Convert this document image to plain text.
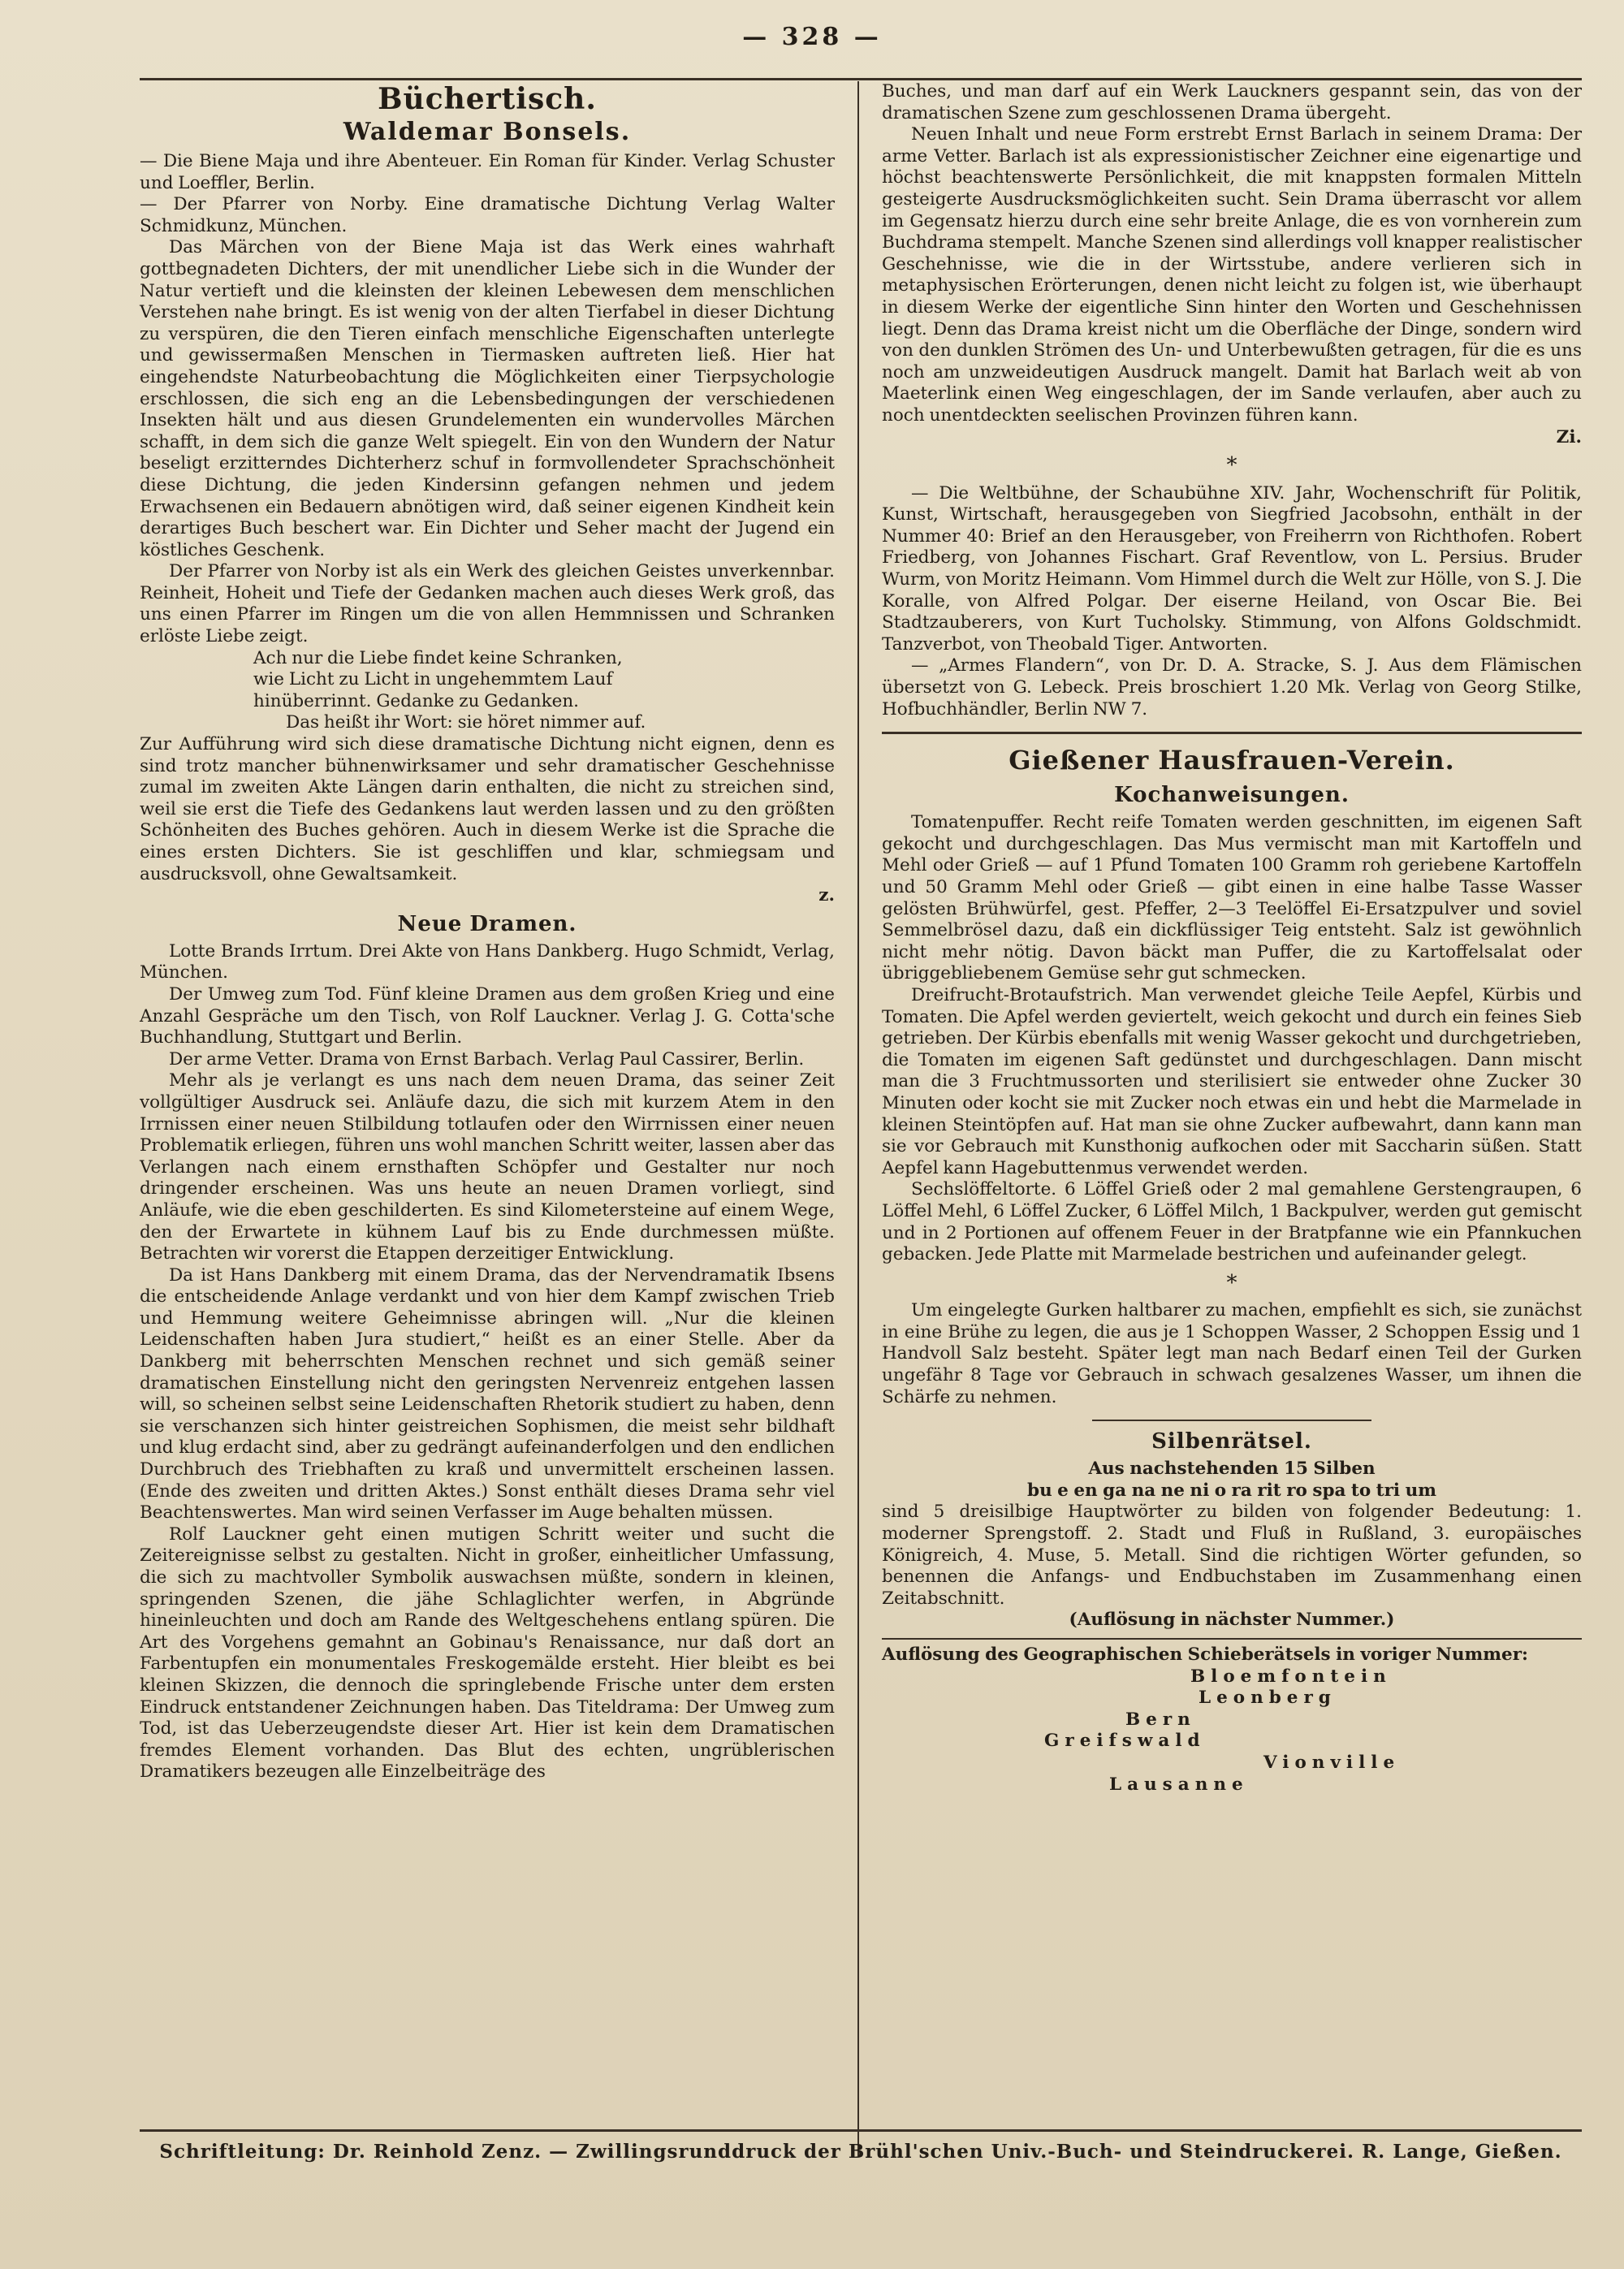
— 328 —
Büchertisch.
Waldemar Bonsels.

— Die Biene Maja und ihre Abenteuer. Ein Roman für Kinder. Verlag Schuster und Loeffler, Berlin.

— Der Pfarrer von Norby. Eine dramatische Dichtung Verlag Walter Schmidkunz, München.

Das Märchen von der Biene Maja ist das Werk eines wahrhaft gottbegnadeten Dichters, der mit unendlicher Liebe sich in die Wunder der Natur vertieft und die kleinsten der kleinen Lebewesen dem menschlichen Verstehen nahe bringt. Es ist wenig von der alten Tierfabel in dieser Dichtung zu verspüren, die den Tieren einfach menschliche Eigenschaften unterlegte und gewissermaßen Menschen in Tiermasken auftreten ließ. Hier hat eingehendste Naturbeobachtung die Möglichkeiten einer Tierpsychologie erschlossen, die sich eng an die Lebensbedingungen der verschiedenen Insekten hält und aus diesen Grundelementen ein wundervolles Märchen schafft, in dem sich die ganze Welt spiegelt. Ein von den Wundern der Natur beseligt erzitterndes Dichterherz schuf in formvollendeter Sprachschönheit diese Dichtung, die jeden Kindersinn gefangen nehmen und jedem Erwachsenen ein Bedauern abnötigen wird, daß seiner eigenen Kindheit kein derartiges Buch beschert war. Ein Dichter und Seher macht der Jugend ein köstliches Geschenk.

Der Pfarrer von Norby ist als ein Werk des gleichen Geistes unverkennbar. Reinheit, Hoheit und Tiefe der Gedanken machen auch dieses Werk groß, das uns einen Pfarrer im Ringen um die von allen Hemmnissen und Schranken erlöste Liebe zeigt.

Ach nur die Liebe findet keine Schranken,

wie Licht zu Licht in ungehemmtem Lauf

hinüberrinnt. Gedanke zu Gedanken.

Das heißt ihr Wort: sie höret nimmer auf.

Zur Aufführung wird sich diese dramatische Dichtung nicht eignen, denn es sind trotz mancher bühnenwirksamer und sehr dramatischer Geschehnisse zumal im zweiten Akte Längen darin enthalten, die nicht zu streichen sind, weil sie erst die Tiefe des Gedankens laut werden lassen und zu den größten Schönheiten des Buches gehören. Auch in diesem Werke ist die Sprache die eines ersten Dichters. Sie ist geschliffen und klar, schmiegsam und ausdrucksvoll, ohne Gewaltsamkeit.

z.
Neue Dramen.

Lotte Brands Irrtum. Drei Akte von Hans Dankberg. Hugo Schmidt, Verlag, München.

Der Umweg zum Tod. Fünf kleine Dramen aus dem großen Krieg und eine Anzahl Gespräche um den Tisch, von Rolf Lauckner. Verlag J. G. Cotta'sche Buchhandlung, Stuttgart und Berlin.

Der arme Vetter. Drama von Ernst Barbach. Verlag Paul Cassirer, Berlin.

Mehr als je verlangt es uns nach dem neuen Drama, das seiner Zeit vollgültiger Ausdruck sei. Anläufe dazu, die sich mit kurzem Atem in den Irrnissen einer neuen Stilbildung totlaufen oder den Wirrnissen einer neuen Problematik erliegen, führen uns wohl manchen Schritt weiter, lassen aber das Verlangen nach einem ernsthaften Schöpfer und Gestalter nur noch dringender erscheinen. Was uns heute an neuen Dramen vorliegt, sind Anläufe, wie die eben geschilderten. Es sind Kilometersteine auf einem Wege, den der Erwartete in kühnem Lauf bis zu Ende durchmessen müßte. Betrachten wir vorerst die Etappen derzeitiger Entwicklung.

Da ist Hans Dankberg mit einem Drama, das der Nervendramatik Ibsens die entscheidende Anlage verdankt und von hier dem Kampf zwischen Trieb und Hemmung weitere Geheimnisse abringen will. „Nur die kleinen Leidenschaften haben Jura studiert,“ heißt es an einer Stelle. Aber da Dankberg mit beherrschten Menschen rechnet und sich gemäß seiner dramatischen Einstellung nicht den geringsten Nervenreiz entgehen lassen will, so scheinen selbst seine Leidenschaften Rhetorik studiert zu haben, denn sie verschanzen sich hinter geistreichen Sophismen, die meist sehr bildhaft und klug erdacht sind, aber zu gedrängt aufeinanderfolgen und den endlichen Durchbruch des Triebhaften zu kraß und unvermittelt erscheinen lassen. (Ende des zweiten und dritten Aktes.) Sonst enthält dieses Drama sehr viel Beachtenswertes. Man wird seinen Verfasser im Auge behalten müssen.

Rolf Lauckner geht einen mutigen Schritt weiter und sucht die Zeitereignisse selbst zu gestalten. Nicht in großer, einheitlicher Umfassung, die sich zu machtvoller Symbolik auswachsen müßte, sondern in kleinen, springenden Szenen, die jähe Schlaglichter werfen, in Abgründe hineinleuchten und doch am Rande des Weltgeschehens entlang spüren. Die Art des Vorgehens gemahnt an Gobinau's Renaissance, nur daß dort an Farbentupfen ein monumentales Freskogemälde ersteht. Hier bleibt es bei kleinen Skizzen, die dennoch die springlebende Frische unter dem ersten Eindruck entstandener Zeichnungen haben. Das Titeldrama: Der Umweg zum Tod, ist das Ueberzeugendste dieser Art. Hier ist kein dem Dramatischen fremdes Element vorhanden. Das Blut des echten, ungrüblerischen Dramatikers bezeugen alle Einzelbeiträge des

Buches, und man darf auf ein Werk Lauckners gespannt sein, das von der dramatischen Szene zum geschlossenen Drama übergeht.

Neuen Inhalt und neue Form erstrebt Ernst Barlach in seinem Drama: Der arme Vetter. Barlach ist als expressionistischer Zeichner eine eigenartige und höchst beachtenswerte Persönlichkeit, die mit knappsten formalen Mitteln gesteigerte Ausdrucksmöglichkeiten sucht. Sein Drama überrascht vor allem im Gegensatz hierzu durch eine sehr breite Anlage, die es von vornherein zum Buchdrama stempelt. Manche Szenen sind allerdings voll knapper realistischer Geschehnisse, wie die in der Wirtsstube, andere verlieren sich in metaphysischen Erörterungen, denen nicht leicht zu folgen ist, wie überhaupt in diesem Werke der eigentliche Sinn hinter den Worten und Geschehnissen liegt. Denn das Drama kreist nicht um die Oberfläche der Dinge, sondern wird von den dunklen Strömen des Un- und Unterbewußten getragen, für die es uns noch am unzweideutigen Ausdruck mangelt. Damit hat Barlach weit ab von Maeterlink einen Weg eingeschlagen, der im Sande verlaufen, aber auch zu noch unentdeckten seelischen Provinzen führen kann.

Zi.
*

— Die Weltbühne, der Schaubühne XIV. Jahr, Wochenschrift für Politik, Kunst, Wirtschaft, herausgegeben von Siegfried Jacobsohn, enthält in der Nummer 40: Brief an den Herausgeber, von Freiherrn von Richthofen. Robert Friedberg, von Johannes Fischart. Graf Reventlow, von L. Persius. Bruder Wurm, von Moritz Heimann. Vom Himmel durch die Welt zur Hölle, von S. J. Die Koralle, von Alfred Polgar. Der eiserne Heiland, von Oscar Bie. Bei Stadtzauberers, von Kurt Tucholsky. Stimmung, von Alfons Goldschmidt. Tanzverbot, von Theobald Tiger. Antworten.

— „Armes Flandern“, von Dr. D. A. Stracke, S. J. Aus dem Flämischen übersetzt von G. Lebeck. Preis broschiert 1.20 Mk. Verlag von Georg Stilke, Hofbuchhändler, Berlin NW 7.

Gießener Hausfrauen-Verein.
Kochanweisungen.

Tomatenpuffer. Recht reife Tomaten werden geschnitten, im eigenen Saft gekocht und durchgeschlagen. Das Mus vermischt man mit Kartoffeln und Mehl oder Grieß — auf 1 Pfund Tomaten 100 Gramm roh geriebene Kartoffeln und 50 Gramm Mehl oder Grieß — gibt einen in eine halbe Tasse Wasser gelösten Brühwürfel, gest. Pfeffer, 2—3 Teelöffel Ei-Ersatzpulver und soviel Semmelbrösel dazu, daß ein dickflüssiger Teig entsteht. Salz ist gewöhnlich nicht mehr nötig. Davon bäckt man Puffer, die zu Kartoffelsalat oder übriggebliebenem Gemüse sehr gut schmecken.

Dreifrucht-Brotaufstrich. Man verwendet gleiche Teile Aepfel, Kürbis und Tomaten. Die Apfel werden geviertelt, weich gekocht und durch ein feines Sieb getrieben. Der Kürbis ebenfalls mit wenig Wasser gekocht und durchgetrieben, die Tomaten im eigenen Saft gedünstet und durchgeschlagen. Dann mischt man die 3 Fruchtmussorten und sterilisiert sie entweder ohne Zucker 30 Minuten oder kocht sie mit Zucker noch etwas ein und hebt die Marmelade in kleinen Steintöpfen auf. Hat man sie ohne Zucker aufbewahrt, dann kann man sie vor Gebrauch mit Kunsthonig aufkochen oder mit Saccharin süßen. Statt Aepfel kann Hagebuttenmus verwendet werden.

Sechslöffeltorte. 6 Löffel Grieß oder 2 mal gemahlene Gerstengraupen, 6 Löffel Mehl, 6 Löffel Zucker, 6 Löffel Milch, 1 Backpulver, werden gut gemischt und in 2 Portionen auf offenem Feuer in der Bratpfanne wie ein Pfannkuchen gebacken. Jede Platte mit Marmelade bestrichen und aufeinander gelegt.

*

Um eingelegte Gurken haltbarer zu machen, empfiehlt es sich, sie zunächst in eine Brühe zu legen, die aus je 1 Schoppen Wasser, 2 Schoppen Essig und 1 Handvoll Salz besteht. Später legt man nach Bedarf einen Teil der Gurken ungefähr 8 Tage vor Gebrauch in schwach gesalzenes Wasser, um ihnen die Schärfe zu nehmen.

Silbenrätsel.

Aus nachstehenden 15 Silben

bu e en ga na ne ni o ra rit ro spa to tri um

sind 5 dreisilbige Hauptwörter zu bilden von folgender Bedeutung: 1. moderner Sprengstoff. 2. Stadt und Fluß in Rußland, 3. europäisches Königreich, 4. Muse, 5. Metall. Sind die richtigen Wörter gefunden, so benennen die Anfangs- und Endbuchstaben im Zusammenhang einen Zeitabschnitt.

(Auflösung in nächster Nummer.)

Auflösung des Geographischen Schieberätsels in voriger Nummer:

Bloemfontein

Leonberg

Bern

Greifswald

Vionville

Lausanne

Schriftleitung: Dr. Reinhold Zenz. — Zwillingsrunddruck der Brühl'schen Univ.-Buch- und Steindruckerei. R. Lange, Gießen.
